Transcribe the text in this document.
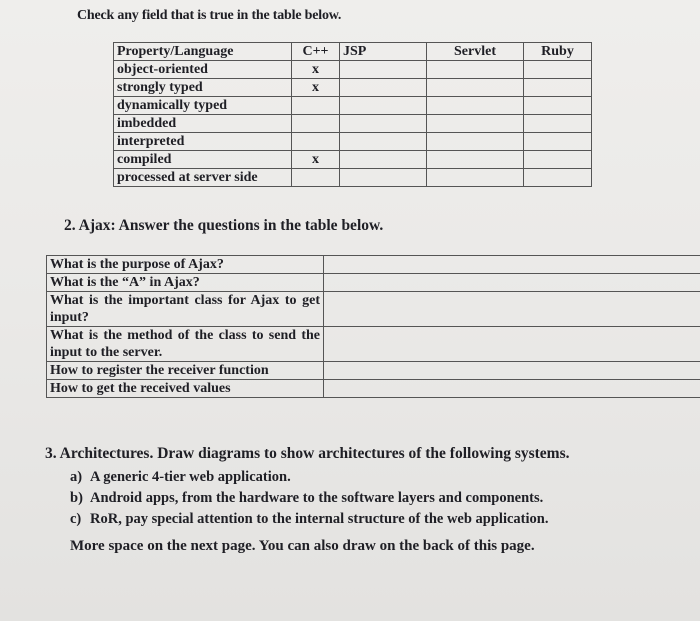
Check any field that is true in the table below.
Property/Language	C++	JSP	Servlet	Ruby
object-oriented	x			
strongly typed	x			
dynamically typed				
imbedded				
interpreted				
compiled	x			
processed at server side				
2. Ajax: Answer the questions in the table below.
What is the purpose of Ajax?	
What is the “A” in Ajax?	
What is the important class for Ajax to get input?	
What is the method of the class to send the input to the server.	
How to register the receiver function	
How to get the received values	
3. Architectures. Draw diagrams to show architectures of the following systems.
a) A generic 4-tier web application.
b) Android apps, from the hardware to the software layers and components.
c) RoR, pay special attention to the internal structure of the web application.
More space on the next page. You can also draw on the back of this page.
